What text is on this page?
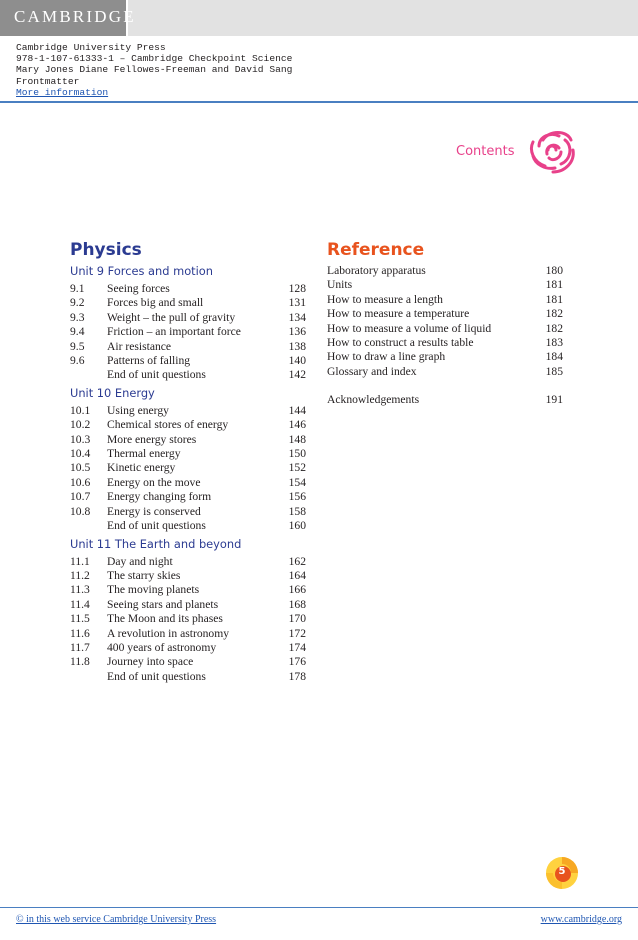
CAMBRIDGE
Cambridge University Press
978-1-107-61333-1 – Cambridge Checkpoint Science
Mary Jones Diane Fellowes-Freeman and David Sang
Frontmatter
More information
Contents
Physics
Unit 9 Forces and motion
9.1	Seeing forces	128
9.2	Forces big and small	131
9.3	Weight – the pull of gravity	134
9.4	Friction – an important force	136
9.5	Air resistance	138
9.6	Patterns of falling	140
End of unit questions	142
Unit 10 Energy
10.1	Using energy	144
10.2	Chemical stores of energy	146
10.3	More energy stores	148
10.4	Thermal energy	150
10.5	Kinetic energy	152
10.6	Energy on the move	154
10.7	Energy changing form	156
10.8	Energy is conserved	158
End of unit questions	160
Unit 11 The Earth and beyond
11.1	Day and night	162
11.2	The starry skies	164
11.3	The moving planets	166
11.4	Seeing stars and planets	168
11.5	The Moon and its phases	170
11.6	A revolution in astronomy	172
11.7	400 years of astronomy	174
11.8	Journey into space	176
End of unit questions	178
Reference
Laboratory apparatus	180
Units	181
How to measure a length	181
How to measure a temperature	182
How to measure a volume of liquid	182
How to construct a results table	183
How to draw a line graph	184
Glossary and index	185
Acknowledgements	191
5
© in this web service Cambridge University Press	www.cambridge.org
